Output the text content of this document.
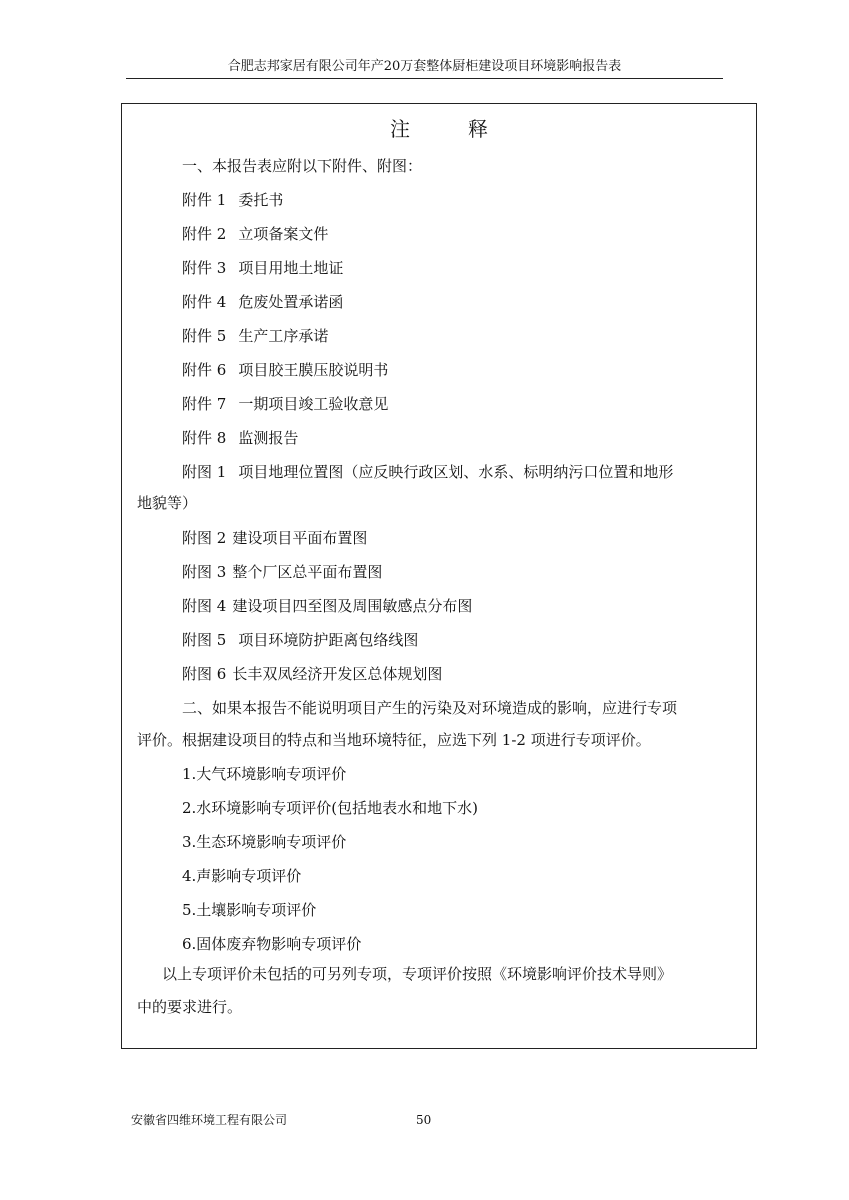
合肥志邦家居有限公司年产20万套整体厨柜建设项目环境影响报告表
注释
一、本报告表应附以下附件、附图：
附件 1 委托书
附件 2 立项备案文件
附件 3 项目用地土地证
附件 4 危废处置承诺函
附件 5 生产工序承诺
附件 6 项目胶王膜压胶说明书
附件 7 一期项目竣工验收意见
附件 8 监测报告
附图 1 项目地理位置图（应反映行政区划、水系、标明纳污口位置和地形
地貌等）
附图 2 建设项目平面布置图
附图 3 整个厂区总平面布置图
附图 4 建设项目四至图及周围敏感点分布图
附图 5 项目环境防护距离包络线图
附图 6 长丰双凤经济开发区总体规划图
二、如果本报告不能说明项目产生的污染及对环境造成的影响，应进行专项
评价。根据建设项目的特点和当地环境特征，应选下列 1-2 项进行专项评价。
1.大气环境影响专项评价
2.水环境影响专项评价(包括地表水和地下水)
3.生态环境影响专项评价
4.声影响专项评价
5.土壤影响专项评价
6.固体废弃物影响专项评价
以上专项评价未包括的可另列专项，专项评价按照《环境影响评价技术导则》
中的要求进行。
安徽省四维环境工程有限公司	50
